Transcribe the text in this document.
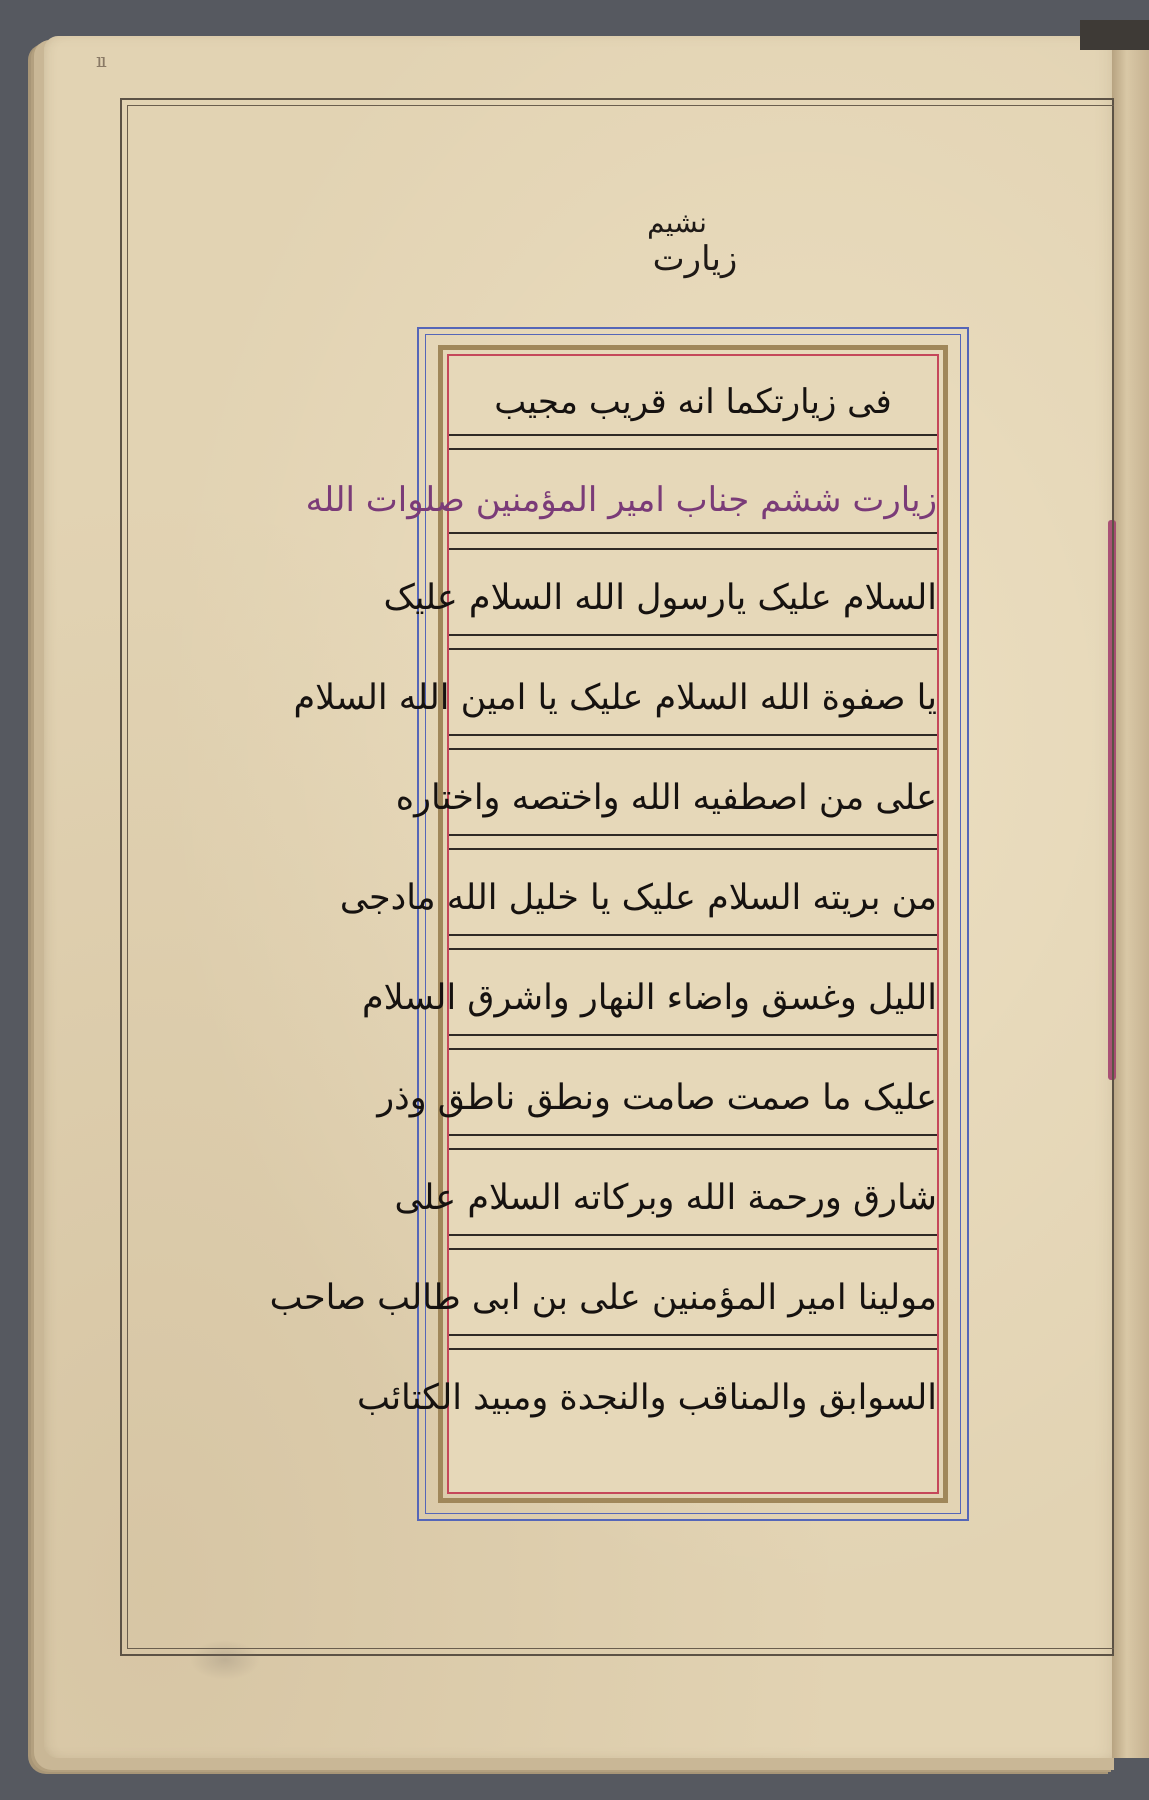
ıı
نشیم
زیارت
فی زیارتکما انه قریب مجیب
زیارت ششم جناب امیر المؤمنین صلوات الله
السلام علیک یارسول الله السلام علیک
یا صفوة الله السلام علیک یا امین الله السلام
علی من اصطفیه الله واختصه واختاره
من بریته السلام علیک یا خلیل الله مادجی
اللیل وغسق واضاء النهار واشرق السلام
علیک ما صمت صامت ونطق ناطق وذر
شارق ورحمة الله وبرکاته السلام علی
مولینا امیر المؤمنین علی بن ابی طالب صاحب
السوابق والمناقب والنجدة ومبید الکتائب
